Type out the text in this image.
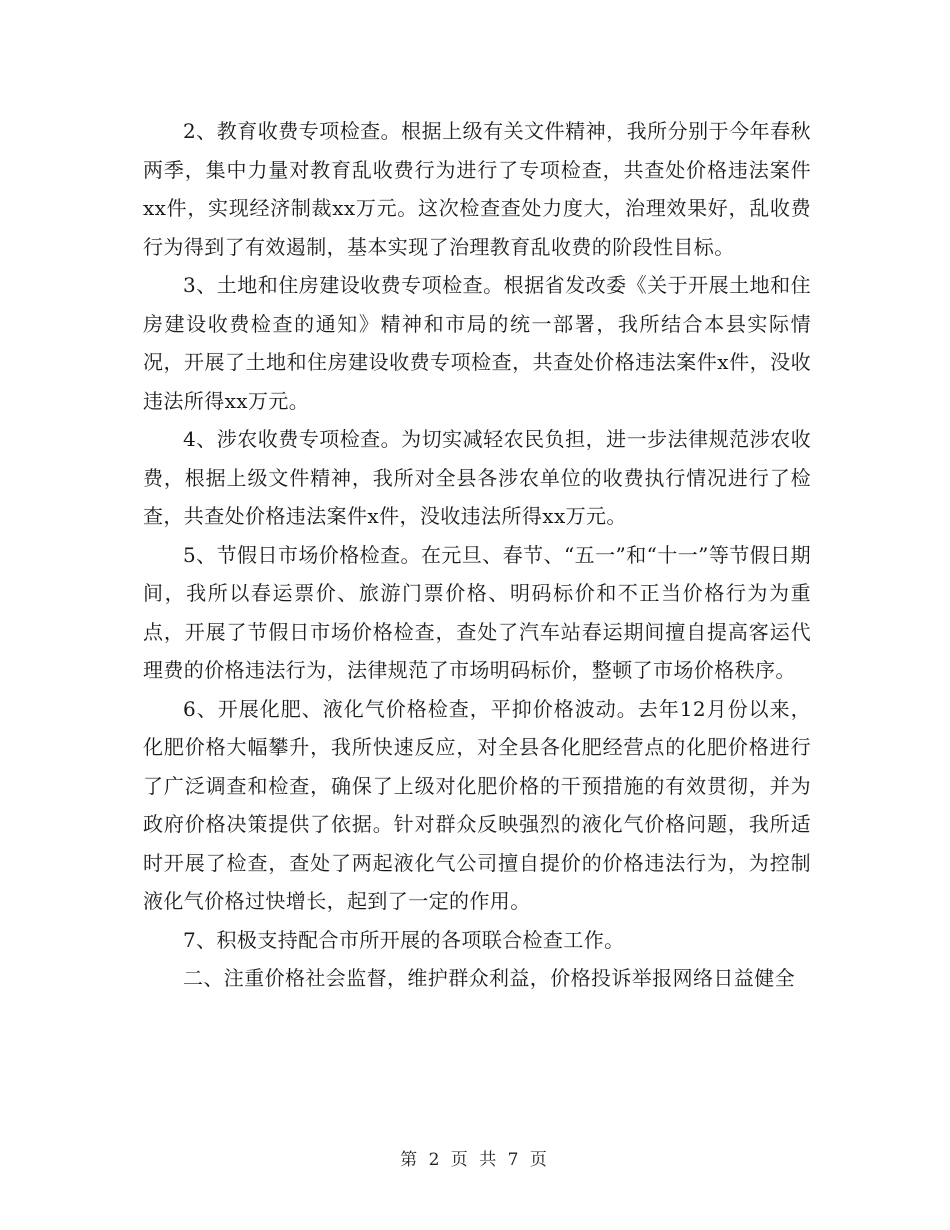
2、教育收费专项检查。根据上级有关文件精神，我所分别于今年春秋两季，集中力量对教育乱收费行为进行了专项检查，共查处价格违法案件xx件，实现经济制裁xx万元。这次检查查处力度大，治理效果好，乱收费行为得到了有效遏制，基本实现了治理教育乱收费的阶段性目标。

3、土地和住房建设收费专项检查。根据省发改委《关于开展土地和住房建设收费检查的通知》精神和市局的统一部署，我所结合本县实际情况，开展了土地和住房建设收费专项检查，共查处价格违法案件x件，没收违法所得xx万元。

4、涉农收费专项检查。为切实减轻农民负担，进一步法律规范涉农收费，根据上级文件精神，我所对全县各涉农单位的收费执行情况进行了检查，共查处价格违法案件x件，没收违法所得xx万元。

5、节假日市场价格检查。在元旦、春节、“五一”和“十一”等节假日期间，我所以春运票价、旅游门票价格、明码标价和不正当价格行为为重点，开展了节假日市场价格检查，查处了汽车站春运期间擅自提高客运代理费的价格违法行为，法律规范了市场明码标价，整顿了市场价格秩序。

6、开展化肥、液化气价格检查，平抑价格波动。去年12月份以来，化肥价格大幅攀升，我所快速反应，对全县各化肥经营点的化肥价格进行了广泛调查和检查，确保了上级对化肥价格的干预措施的有效贯彻，并为政府价格决策提供了依据。针对群众反映强烈的液化气价格问题，我所适时开展了检查，查处了两起液化气公司擅自提价的价格违法行为，为控制液化气价格过快增长，起到了一定的作用。

7、积极支持配合市所开展的各项联合检查工作。

二、注重价格社会监督，维护群众利益，价格投诉举报网络日益健全

第 2 页 共 7 页
